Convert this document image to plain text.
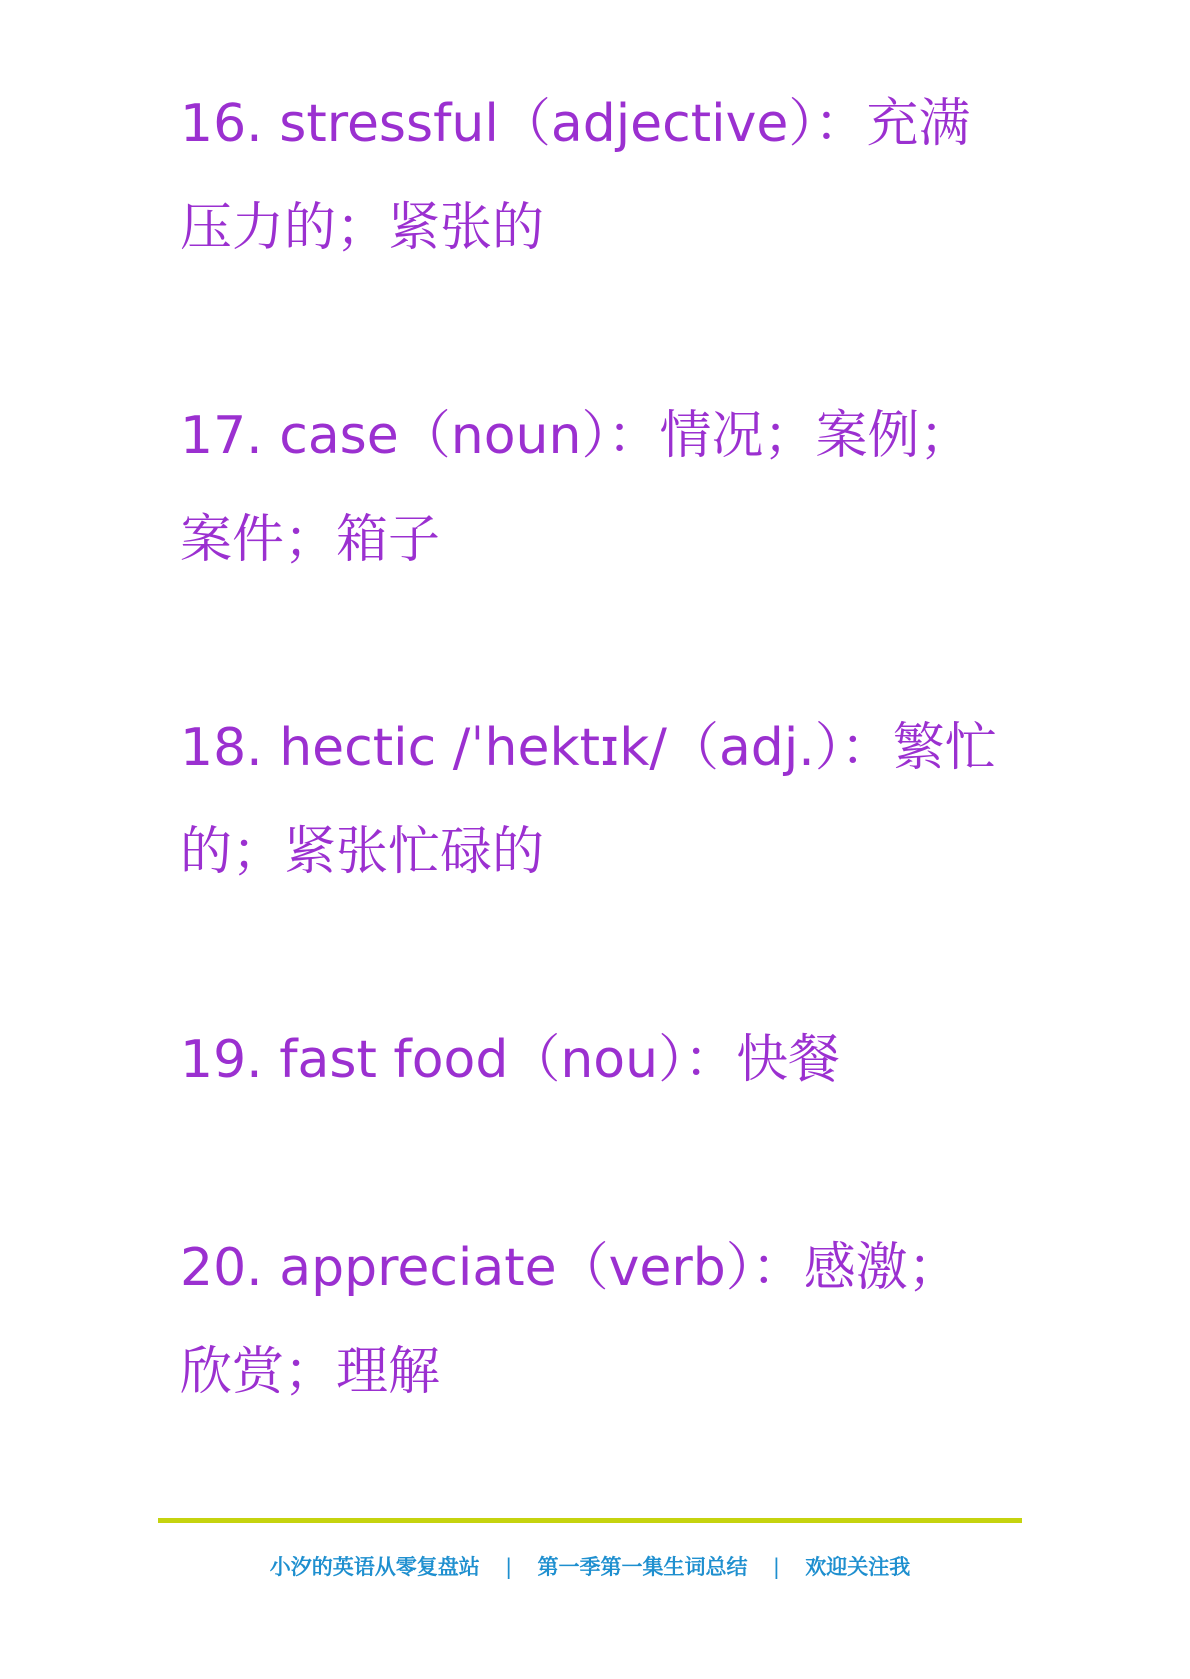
16. stressful（adjective）：充满压力的；紧张的

17. case（noun）：情况；案例；案件；箱子

18. hectic /ˈhektɪk/（adj.）：繁忙的；紧张忙碌的

19. fast food（nou）：快餐

20. appreciate（verb）：感激；欣赏；理解

小汐的英语从零复盘站 | 第一季第一集生词总结 | 欢迎关注我
